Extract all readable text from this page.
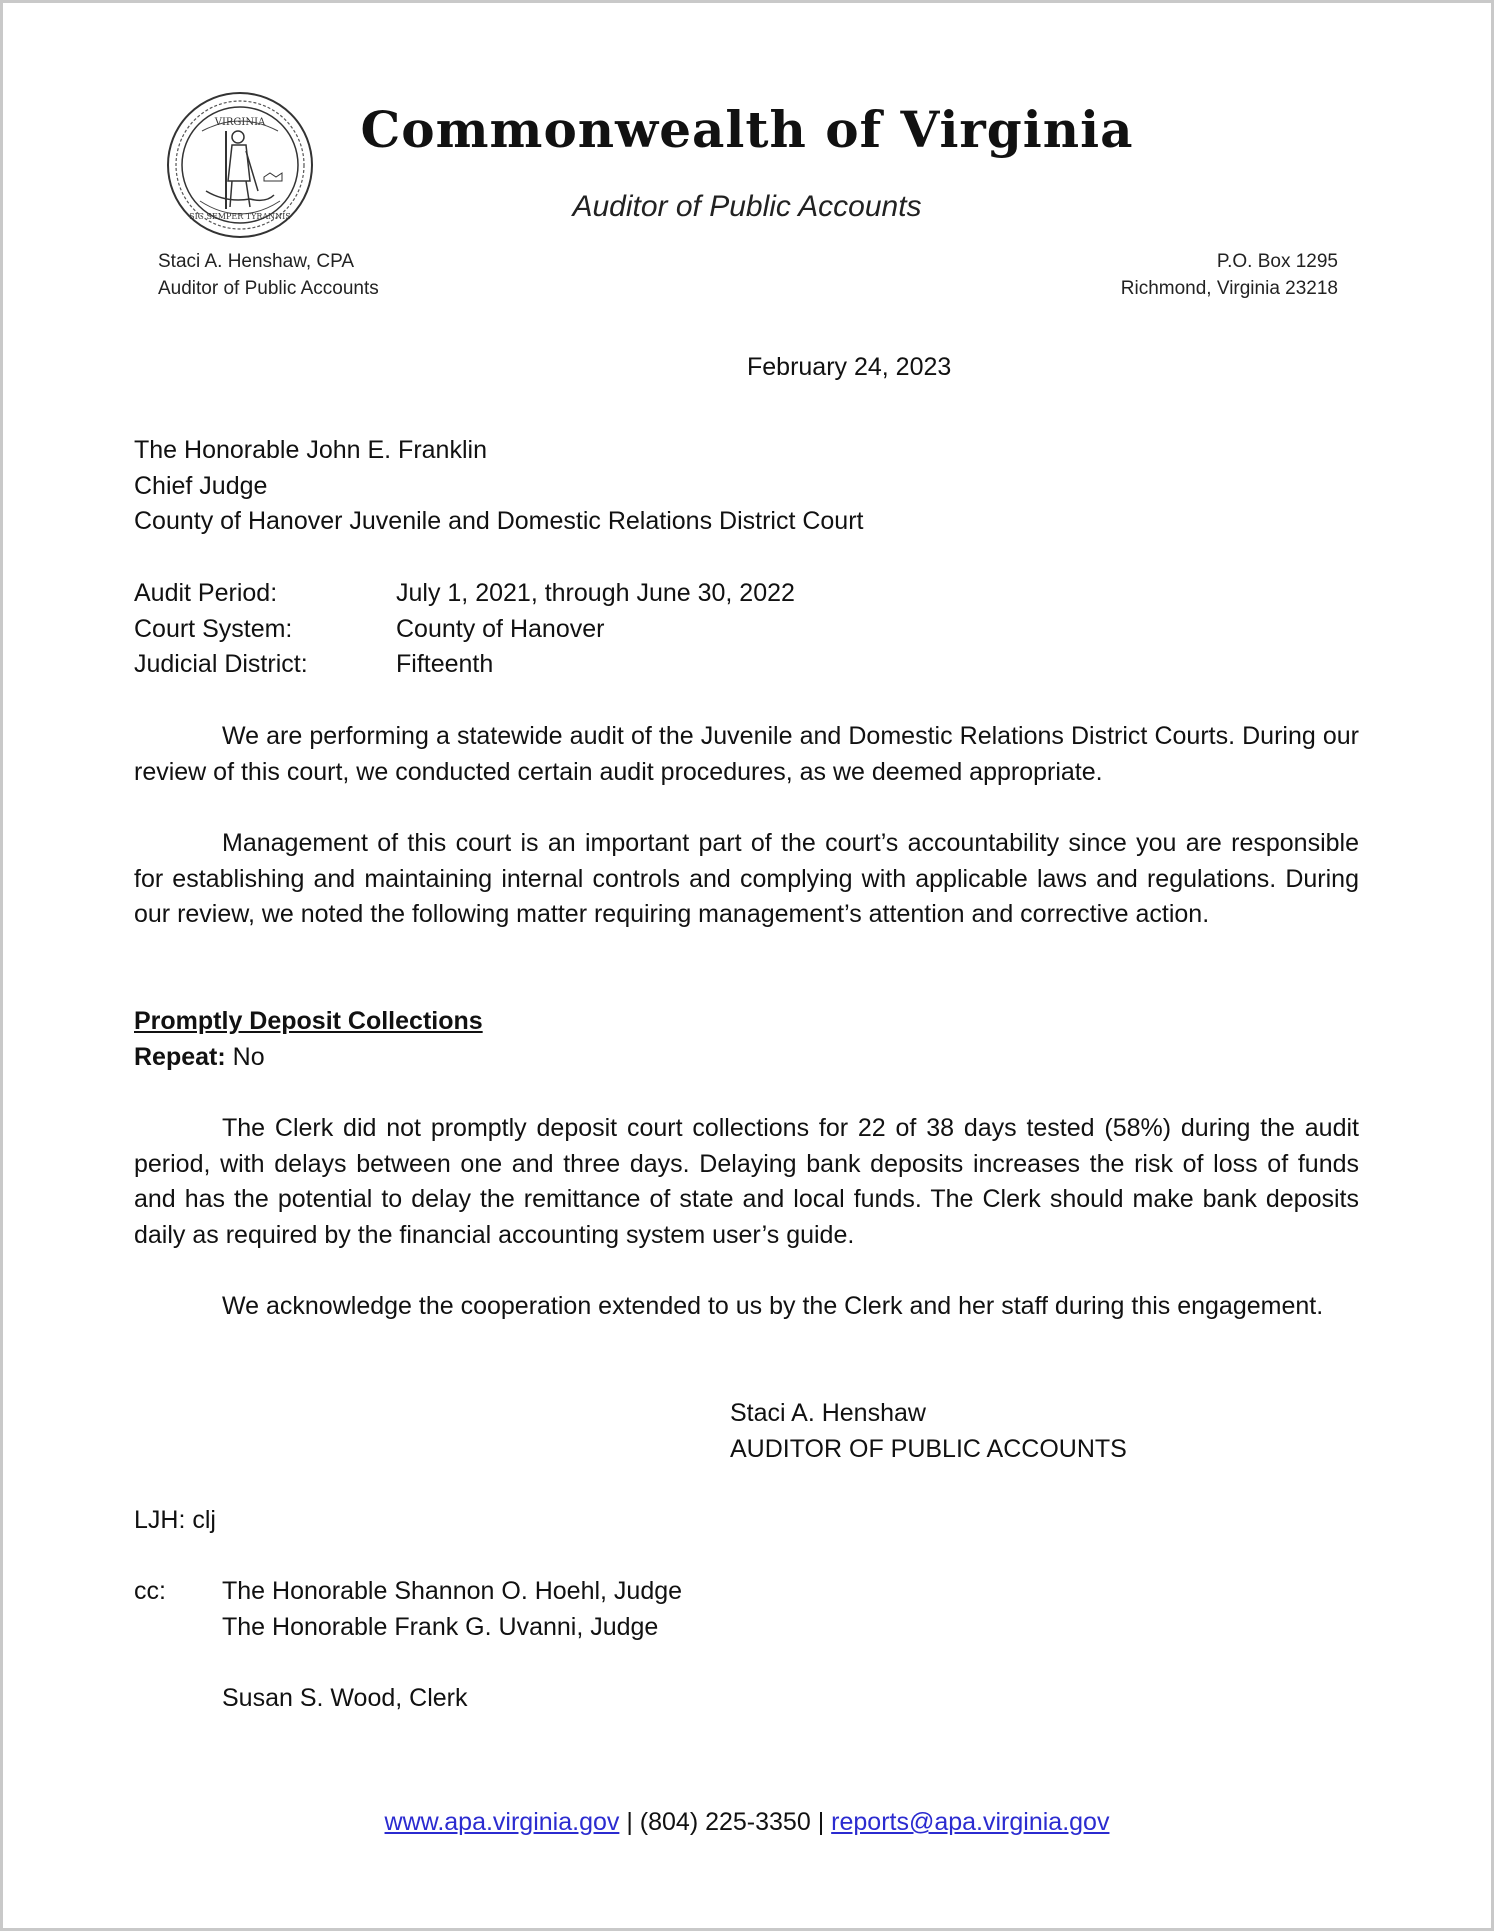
VIRGINIA
SIC SEMPER TYRANNIS
Commonwealth of Virginia
Auditor of Public Accounts
Staci A. Henshaw, CPA
Auditor of Public Accounts
P.O. Box 1295
Richmond, Virginia 23218
February 24, 2023
The Honorable John E. Franklin
Chief Judge
County of Hanover Juvenile and Domestic Relations District Court
Audit Period:	July 1, 2021, through June 30, 2022
Court System:	County of Hanover
Judicial District:	Fifteenth
We are performing a statewide audit of the Juvenile and Domestic Relations District Courts. During our review of this court, we conducted certain audit procedures, as we deemed appropriate.
Management of this court is an important part of the court’s accountability since you are responsible for establishing and maintaining internal controls and complying with applicable laws and regulations. During our review, we noted the following matter requiring management’s attention and corrective action.
Promptly Deposit Collections
Repeat: No
The Clerk did not promptly deposit court collections for 22 of 38 days tested (58%) during the audit period, with delays between one and three days. Delaying bank deposits increases the risk of loss of funds and has the potential to delay the remittance of state and local funds. The Clerk should make bank deposits daily as required by the financial accounting system user’s guide.
We acknowledge the cooperation extended to us by the Clerk and her staff during this engagement.
Staci A. Henshaw
AUDITOR OF PUBLIC ACCOUNTS
LJH: clj
cc: The Honorable Shannon O. Hoehl, Judge
The Honorable Frank G. Uvanni, Judge
Susan S. Wood, Clerk
www.apa.virginia.gov | (804) 225-3350 | reports@apa.virginia.gov
